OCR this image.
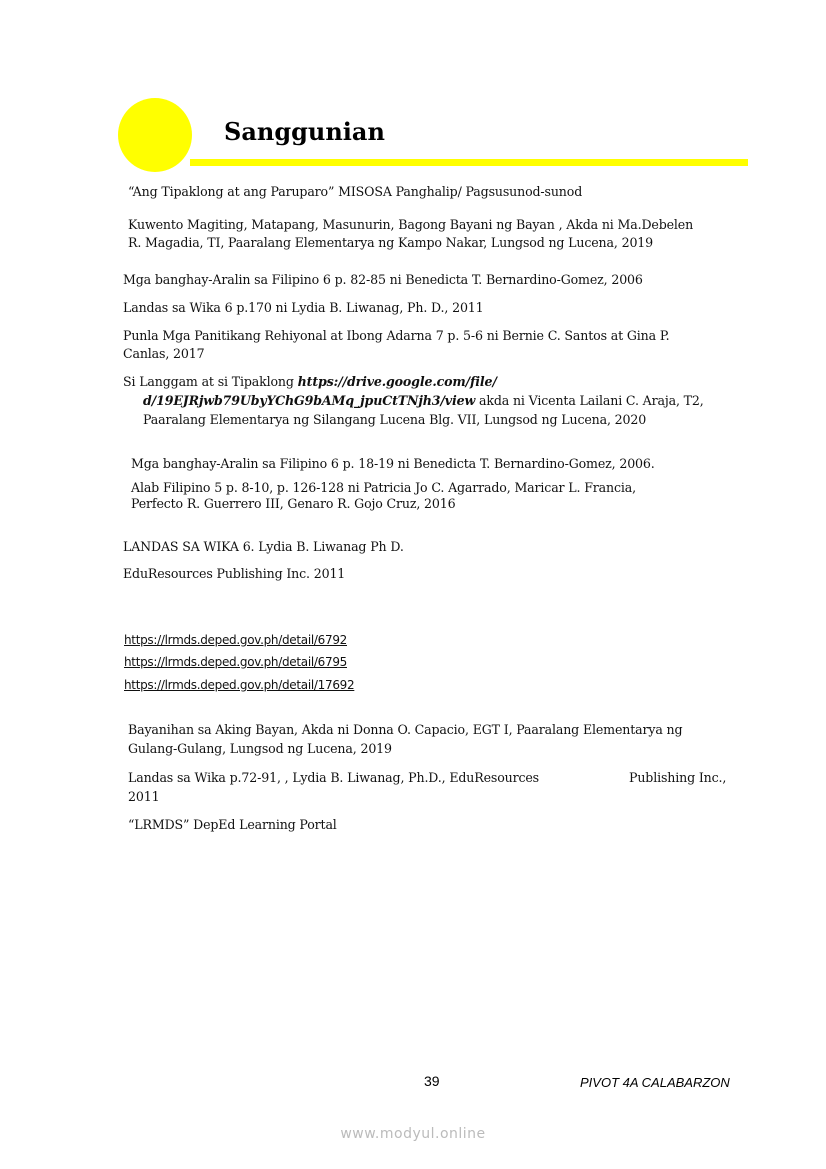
Sanggunian
“Ang Tipaklong at ang Paruparo” MISOSA Panghalip/ Pagsusunod-sunod
Kuwento Magiting, Matapang, Masunurin, Bagong Bayani ng Bayan , Akda ni Ma.Debelen
R. Magadia, TI, Paaralang Elementarya ng Kampo Nakar, Lungsod ng Lucena, 2019
Mga banghay-Aralin sa Filipino 6 p. 82-85 ni Benedicta T. Bernardino-Gomez, 2006
Landas sa Wika 6 p.170 ni Lydia B. Liwanag, Ph. D., 2011
Punla Mga Panitikang Rehiyonal at Ibong Adarna 7 p. 5-6 ni Bernie C. Santos at Gina P.
Canlas, 2017
Si Langgam at si Tipaklong https://drive.google.com/file/
d/19EJRjwb79UbyYChG9bAMq_jpuCtTNjh3/view akda ni Vicenta Lailani C. Araja, T2,
Paaralang Elementarya ng Silangang Lucena Blg. VII, Lungsod ng Lucena, 2020
Mga banghay-Aralin sa Filipino 6 p. 18-19 ni Benedicta T. Bernardino-Gomez, 2006.
Alab Filipino 5 p. 8-10, p. 126-128 ni Patricia Jo C. Agarrado, Maricar L. Francia,
Perfecto R. Guerrero III, Genaro R. Gojo Cruz, 2016
LANDAS SA WIKA 6. Lydia B. Liwanag Ph D.
EduResources Publishing Inc. 2011
https://lrmds.deped.gov.ph/detail/6792
https://lrmds.deped.gov.ph/detail/6795
https://lrmds.deped.gov.ph/detail/17692
Bayanihan sa Aking Bayan, Akda ni Donna O. Capacio, EGT I, Paaralang Elementarya ng
Gulang-Gulang, Lungsod ng Lucena, 2019
Landas sa Wika p.72-91, , Lydia B. Liwanag, Ph.D., EduResources	Publishing Inc.,
2011
“LRMDS” DepEd Learning Portal
39	PIVOT 4A CALABARZON
www.modyul.online
